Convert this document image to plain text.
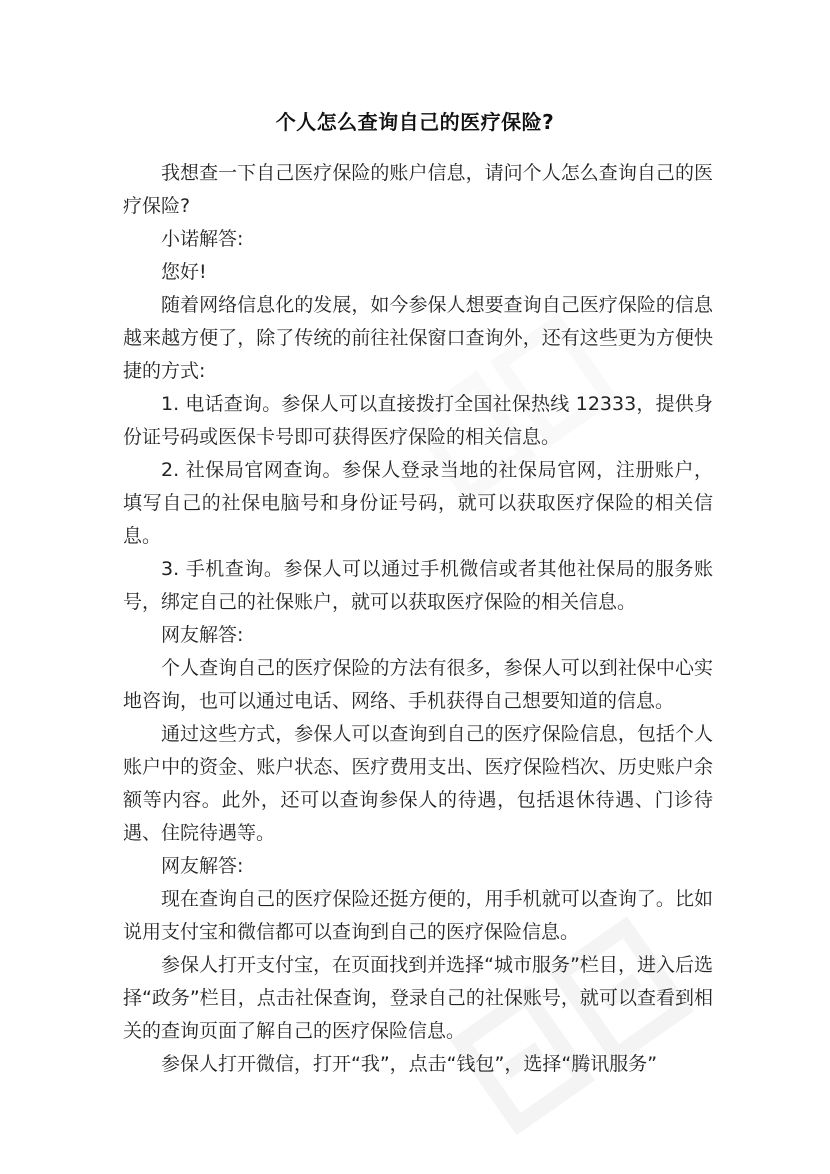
个人怎么查询自己的医疗保险?

我想查一下自己医疗保险的账户信息，请问个人怎么查询自己的医疗保险?

小诺解答:

您好!

随着网络信息化的发展，如今参保人想要查询自己医疗保险的信息越来越方便了，除了传统的前往社保窗口查询外，还有这些更为方便快捷的方式:

1. 电话查询。参保人可以直接拨打全国社保热线 12333，提供身份证号码或医保卡号即可获得医疗保险的相关信息。

2. 社保局官网查询。参保人登录当地的社保局官网，注册账户，填写自己的社保电脑号和身份证号码，就可以获取医疗保险的相关信息。

3. 手机查询。参保人可以通过手机微信或者其他社保局的服务账号，绑定自己的社保账户，就可以获取医疗保险的相关信息。

网友解答:

个人查询自己的医疗保险的方法有很多，参保人可以到社保中心实地咨询，也可以通过电话、网络、手机获得自己想要知道的信息。

通过这些方式，参保人可以查询到自己的医疗保险信息，包括个人账户中的资金、账户状态、医疗费用支出、医疗保险档次、历史账户余额等内容。此外，还可以查询参保人的待遇，包括退休待遇、门诊待遇、住院待遇等。

网友解答:

现在查询自己的医疗保险还挺方便的，用手机就可以查询了。比如说用支付宝和微信都可以查询到自己的医疗保险信息。

参保人打开支付宝，在页面找到并选择“城市服务”栏目，进入后选择“政务”栏目，点击社保查询，登录自己的社保账号，就可以查看到相关的查询页面了解自己的医疗保险信息。

参保人打开微信，打开“我”，点击“钱包”，选择“腾讯服务”
